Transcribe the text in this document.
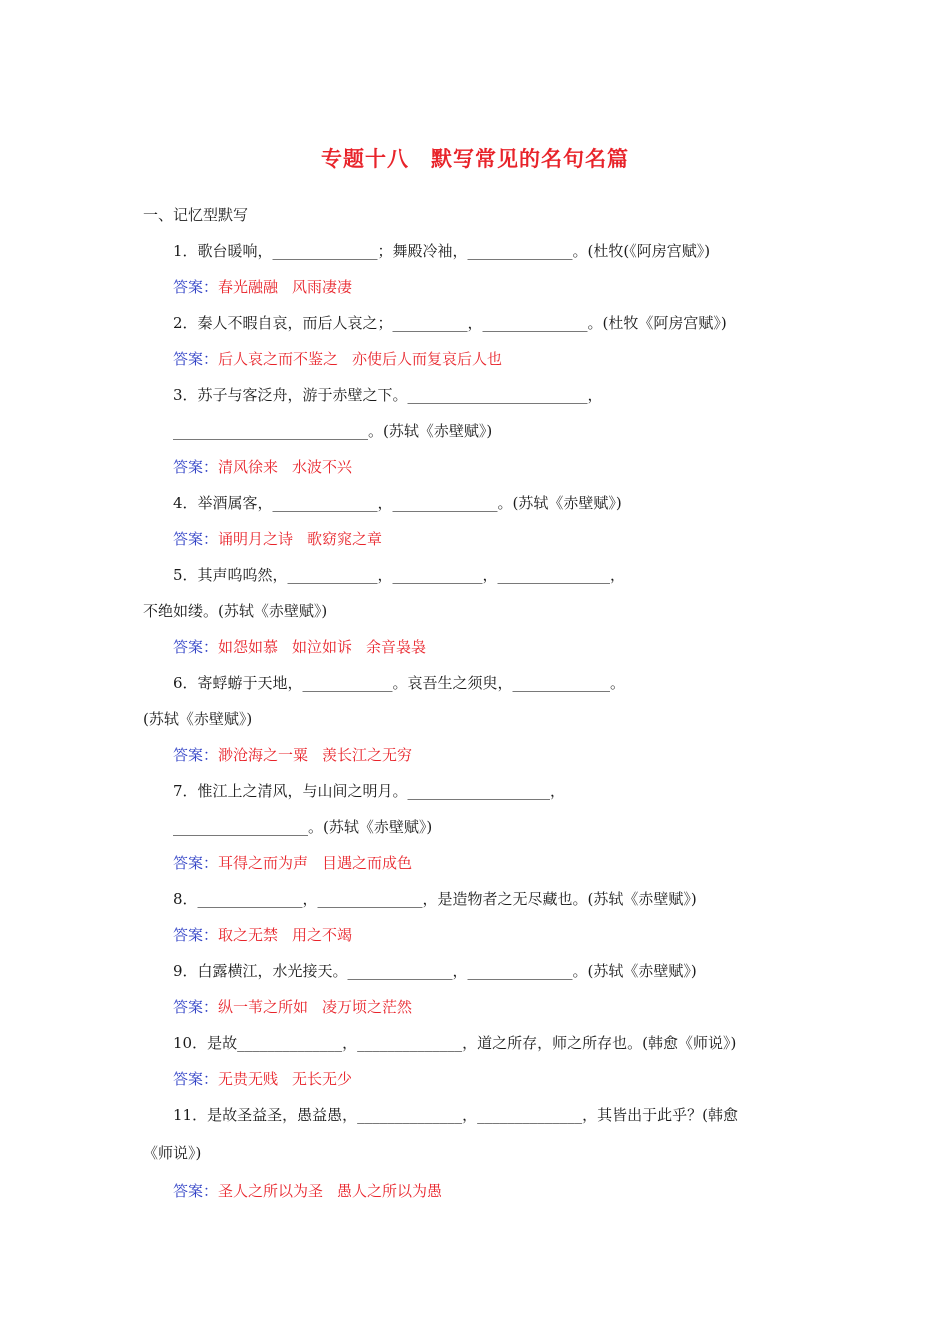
专题十八　默写常见的名句名篇
一、记忆型默写
1．歌台暖响，______________；舞殿冷袖，______________。(杜牧(《阿房宫赋》)
答案：春光融融 风雨凄凄
2．秦人不暇自哀，而后人哀之；__________，______________。(杜牧《阿房宫赋》)
答案：后人哀之而不鉴之 亦使后人而复哀后人也
3．苏子与客泛舟，游于赤壁之下。________________________，
__________________________。(苏轼《赤壁赋》)
答案：清风徐来 水波不兴
4．举酒属客，______________，______________。(苏轼《赤壁赋》)
答案：诵明月之诗 歌窈窕之章
5．其声呜呜然，____________，____________，_______________，
不绝如缕。(苏轼《赤壁赋》)
答案：如怨如慕 如泣如诉 余音袅袅
6．寄蜉蝣于天地，____________。哀吾生之须臾，_____________。
(苏轼《赤壁赋》)
答案：渺沧海之一粟 羡长江之无穷
7．惟江上之清风，与山间之明月。___________________，
__________________。(苏轼《赤壁赋》)
答案：耳得之而为声 目遇之而成色
8．______________，______________，是造物者之无尽藏也。(苏轼《赤壁赋》)
答案：取之无禁 用之不竭
9．白露横江，水光接天。______________，______________。(苏轼《赤壁赋》)
答案：纵一苇之所如 凌万顷之茫然
10．是故______________，______________，道之所存，师之所存也。(韩愈《师说》)
答案：无贵无贱 无长无少
11．是故圣益圣，愚益愚，______________，______________，其皆出于此乎？(韩愈
《师说》)
答案：圣人之所以为圣 愚人之所以为愚
